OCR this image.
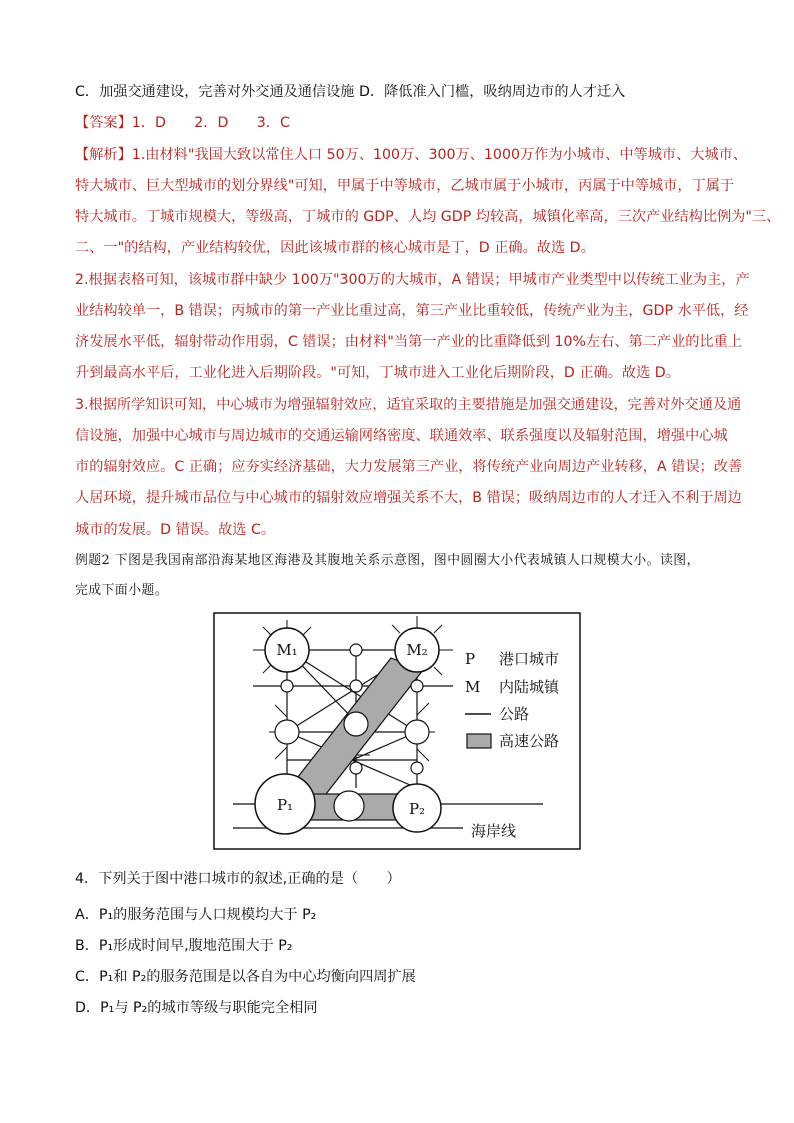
C．加强交通建设，完善对外交通及通信设施 D．降低准入门槛，吸纳周边市的人才迁入
【答案】1．D　　2．D　　3．C
【解析】1.由材料"我国大致以常住人口 50万、100万、300万、1000万作为小城市、中等城市、大城市、
特大城市、巨大型城市的划分界线"可知，甲属于中等城市，乙城市属于小城市，丙属于中等城市，丁属于
特大城市。丁城市规模大，等级高，丁城市的 GDP、人均 GDP 均较高，城镇化率高，三次产业结构比例为"三、
二、一"的结构，产业结构较优，因此该城市群的核心城市是丁，D 正确。故选 D。
2.根据表格可知，该城市群中缺少 100万"300万的大城市，A 错误；甲城市产业类型中以传统工业为主，产
业结构较单一，B 错误；丙城市的第一产业比重过高，第三产业比重较低，传统产业为主，GDP 水平低，经
济发展水平低，辐射带动作用弱，C 错误；由材料"当第一产业的比重降低到 10%左右、第二产业的比重上
升到最高水平后，工业化进入后期阶段。"可知，丁城市进入工业化后期阶段，D 正确。故选 D。
3.根据所学知识可知，中心城市为增强辐射效应，适宜采取的主要措施是加强交通建设，完善对外交通及通
信设施，加强中心城市与周边城市的交通运输网络密度、联通效率、联系强度以及辐射范围，增强中心城
市的辐射效应。C 正确；应夯实经济基础，大力发展第三产业，将传统产业向周边产业转移，A 错误；改善
人居环境，提升城市品位与中心城市的辐射效应增强关系不大，B 错误；吸纳周边市的人才迁入不利于周边
城市的发展。D 错误。故选 C。
例题2 下图是我国南部沿海某地区海港及其腹地关系示意图，图中圆圈大小代表城镇人口规模大小。读图，
完成下面小题。
M₁	M₂
P₁	P₂
P 港口城市
M 内陆城镇
公路
高速公路
海岸线
4．下列关于图中港口城市的叙述,正确的是（　　）
A．P₁的服务范围与人口规模均大于 P₂
B．P₁形成时间早,腹地范围大于 P₂
C．P₁和 P₂的服务范围是以各自为中心均衡向四周扩展
D．P₁与 P₂的城市等级与职能完全相同
